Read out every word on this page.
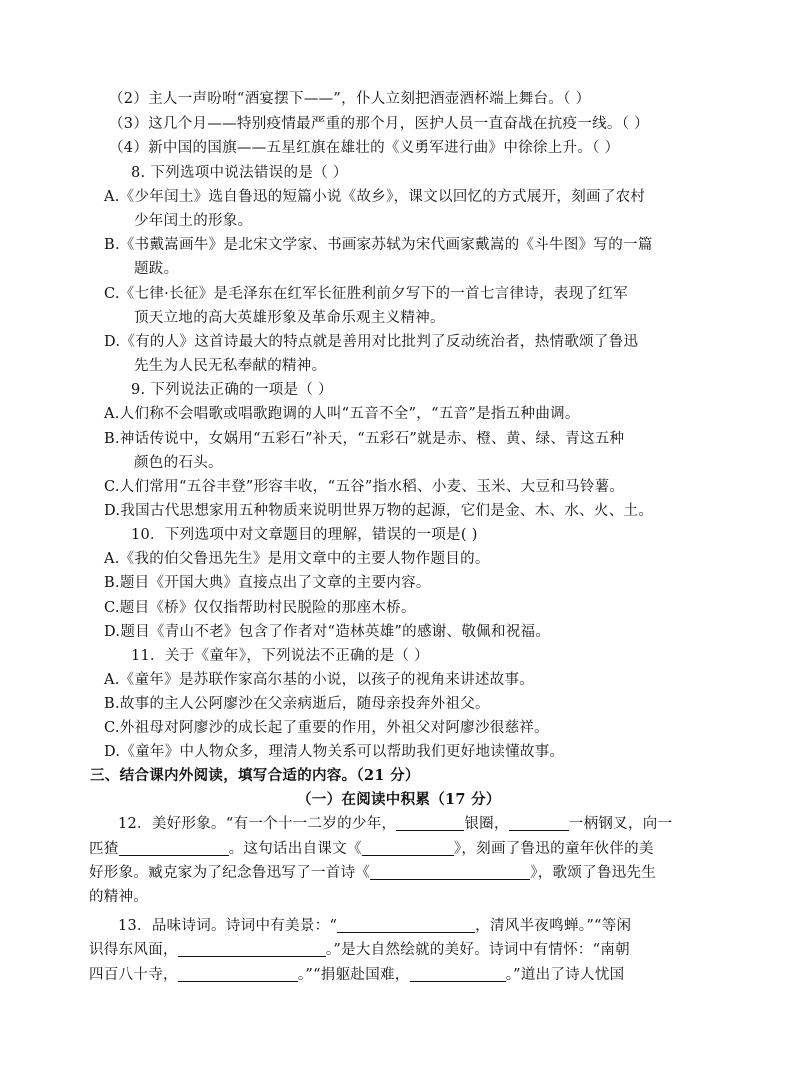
（2）主人一声吩咐“酒宴摆下——”，仆人立刻把酒壶酒杯端上舞台。（ ）
（3）这几个月——特别疫情最严重的那个月，医护人员一直奋战在抗疫一线。（ ）
（4）新中国的国旗——五星红旗在雄壮的《义勇军进行曲》中徐徐上升。（ ）
8. 下列选项中说法错误的是（ ）
A.《少年闰土》选自鲁迅的短篇小说《故乡》，课文以回忆的方式展开，刻画了农村
少年闰土的形象。
B.《书戴嵩画牛》是北宋文学家、书画家苏轼为宋代画家戴嵩的《斗牛图》写的一篇
题跋。
C.《七律·长征》是毛泽东在红军长征胜利前夕写下的一首七言律诗，表现了红军
顶天立地的高大英雄形象及革命乐观主义精神。
D.《有的人》这首诗最大的特点就是善用对比批判了反动统治者，热情歌颂了鲁迅
先生为人民无私奉献的精神。
9. 下列说法正确的一项是（ ）
A.人们称不会唱歌或唱歌跑调的人叫“五音不全”，“五音”是指五种曲调。
B.神话传说中，女娲用“五彩石”补天，“五彩石”就是赤、橙、黄、绿、青这五种
颜色的石头。
C.人们常用“五谷丰登”形容丰收，“五谷”指水稻、小麦、玉米、大豆和马铃薯。
D.我国古代思想家用五种物质来说明世界万物的起源，它们是金、木、水、火、土。
10．下列选项中对文章题目的理解，错误的一项是( )
A.《我的伯父鲁迅先生》是用文章中的主要人物作题目的。
B.题目《开国大典》直接点出了文章的主要内容。
C.题目《桥》仅仅指帮助村民脱险的那座木桥。
D.题目《青山不老》包含了作者对“造林英雄”的感谢、敬佩和祝福。
11．关于《童年》，下列说法不正确的是（ ）
A.《童年》是苏联作家高尔基的小说，以孩子的视角来讲述故事。
B.故事的主人公阿廖沙在父亲病逝后，随母亲投奔外祖父。
C.外祖母对阿廖沙的成长起了重要的作用，外祖父对阿廖沙很慈祥。
D.《童年》中人物众多，理清人物关系可以帮助我们更好地读懂故事。
三、结合课内外阅读，填写合适的内容。（21 分）
（一）在阅读中积累（17 分）
12．美好形象。“有一个十一二岁的少年，	银圈，	一柄钢叉，向一
匹猹	。这句话出自课文《	》，刻画了鲁迅的童年伙伴的美
好形象。臧克家为了纪念鲁迅写了一首诗《	》，歌颂了鲁迅先生
的精神。
13．品味诗词。诗词中有美景：“	，清风半夜鸣蝉。”“等闲
识得东风面，	。”是大自然绘就的美好。诗词中有情怀：“南朝
四百八十寺，	。”“捐躯赴国难，	。”道出了诗人忧国
